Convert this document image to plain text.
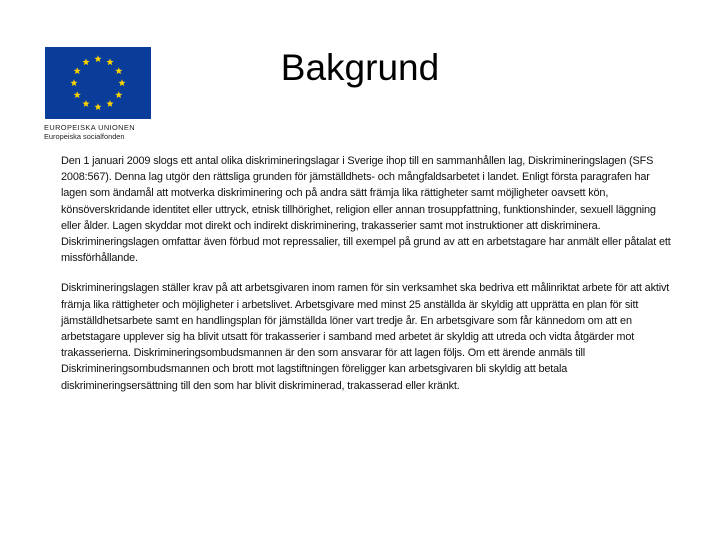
EUROPEISKA UNIONEN
Europeiska socialfonden
Bakgrund

Den 1 januari 2009 slogs ett antal olika diskrimineringslagar i Sverige ihop till en sammanhållen lag, Diskrimineringslagen (SFS 2008:567). Denna lag utgör den rättsliga grunden för jämställdhets- och mångfaldsarbetet i landet. Enligt första paragrafen har lagen som ändamål att motverka diskriminering och på andra sätt främja lika rättigheter samt möjligheter oavsett kön, könsöverskridande identitet eller uttryck, etnisk tillhörighet, religion eller annan trosuppfattning, funktionshinder, sexuell läggning eller ålder. Lagen skyddar mot direkt och indirekt diskriminering, trakasserier samt mot instruktioner att diskriminera. Diskrimineringslagen omfattar även förbud mot repressalier, till exempel på grund av att en arbetstagare har anmält eller påtalat ett missförhållande.

Diskrimineringslagen ställer krav på att arbetsgivaren inom ramen för sin verksamhet ska bedriva ett målinriktat arbete för att aktivt främja lika rättigheter och möjligheter i arbetslivet. Arbetsgivare med minst 25 anställda är skyldig att upprätta en plan för sitt jämställdhetsarbete samt en handlingsplan för jämställda löner vart tredje år. En arbetsgivare som får kännedom om att en arbetstagare upplever sig ha blivit utsatt för trakasserier i samband med arbetet är skyldig att utreda och vidta åtgärder mot trakasserierna. Diskrimineringsombudsmannen är den som ansvarar för att lagen följs. Om ett ärende anmäls till Diskrimineringsombudsmannen och brott mot lagstiftningen föreligger kan arbetsgivaren bli skyldig att betala diskrimineringsersättning till den som har blivit diskriminerad, trakasserad eller kränkt.
